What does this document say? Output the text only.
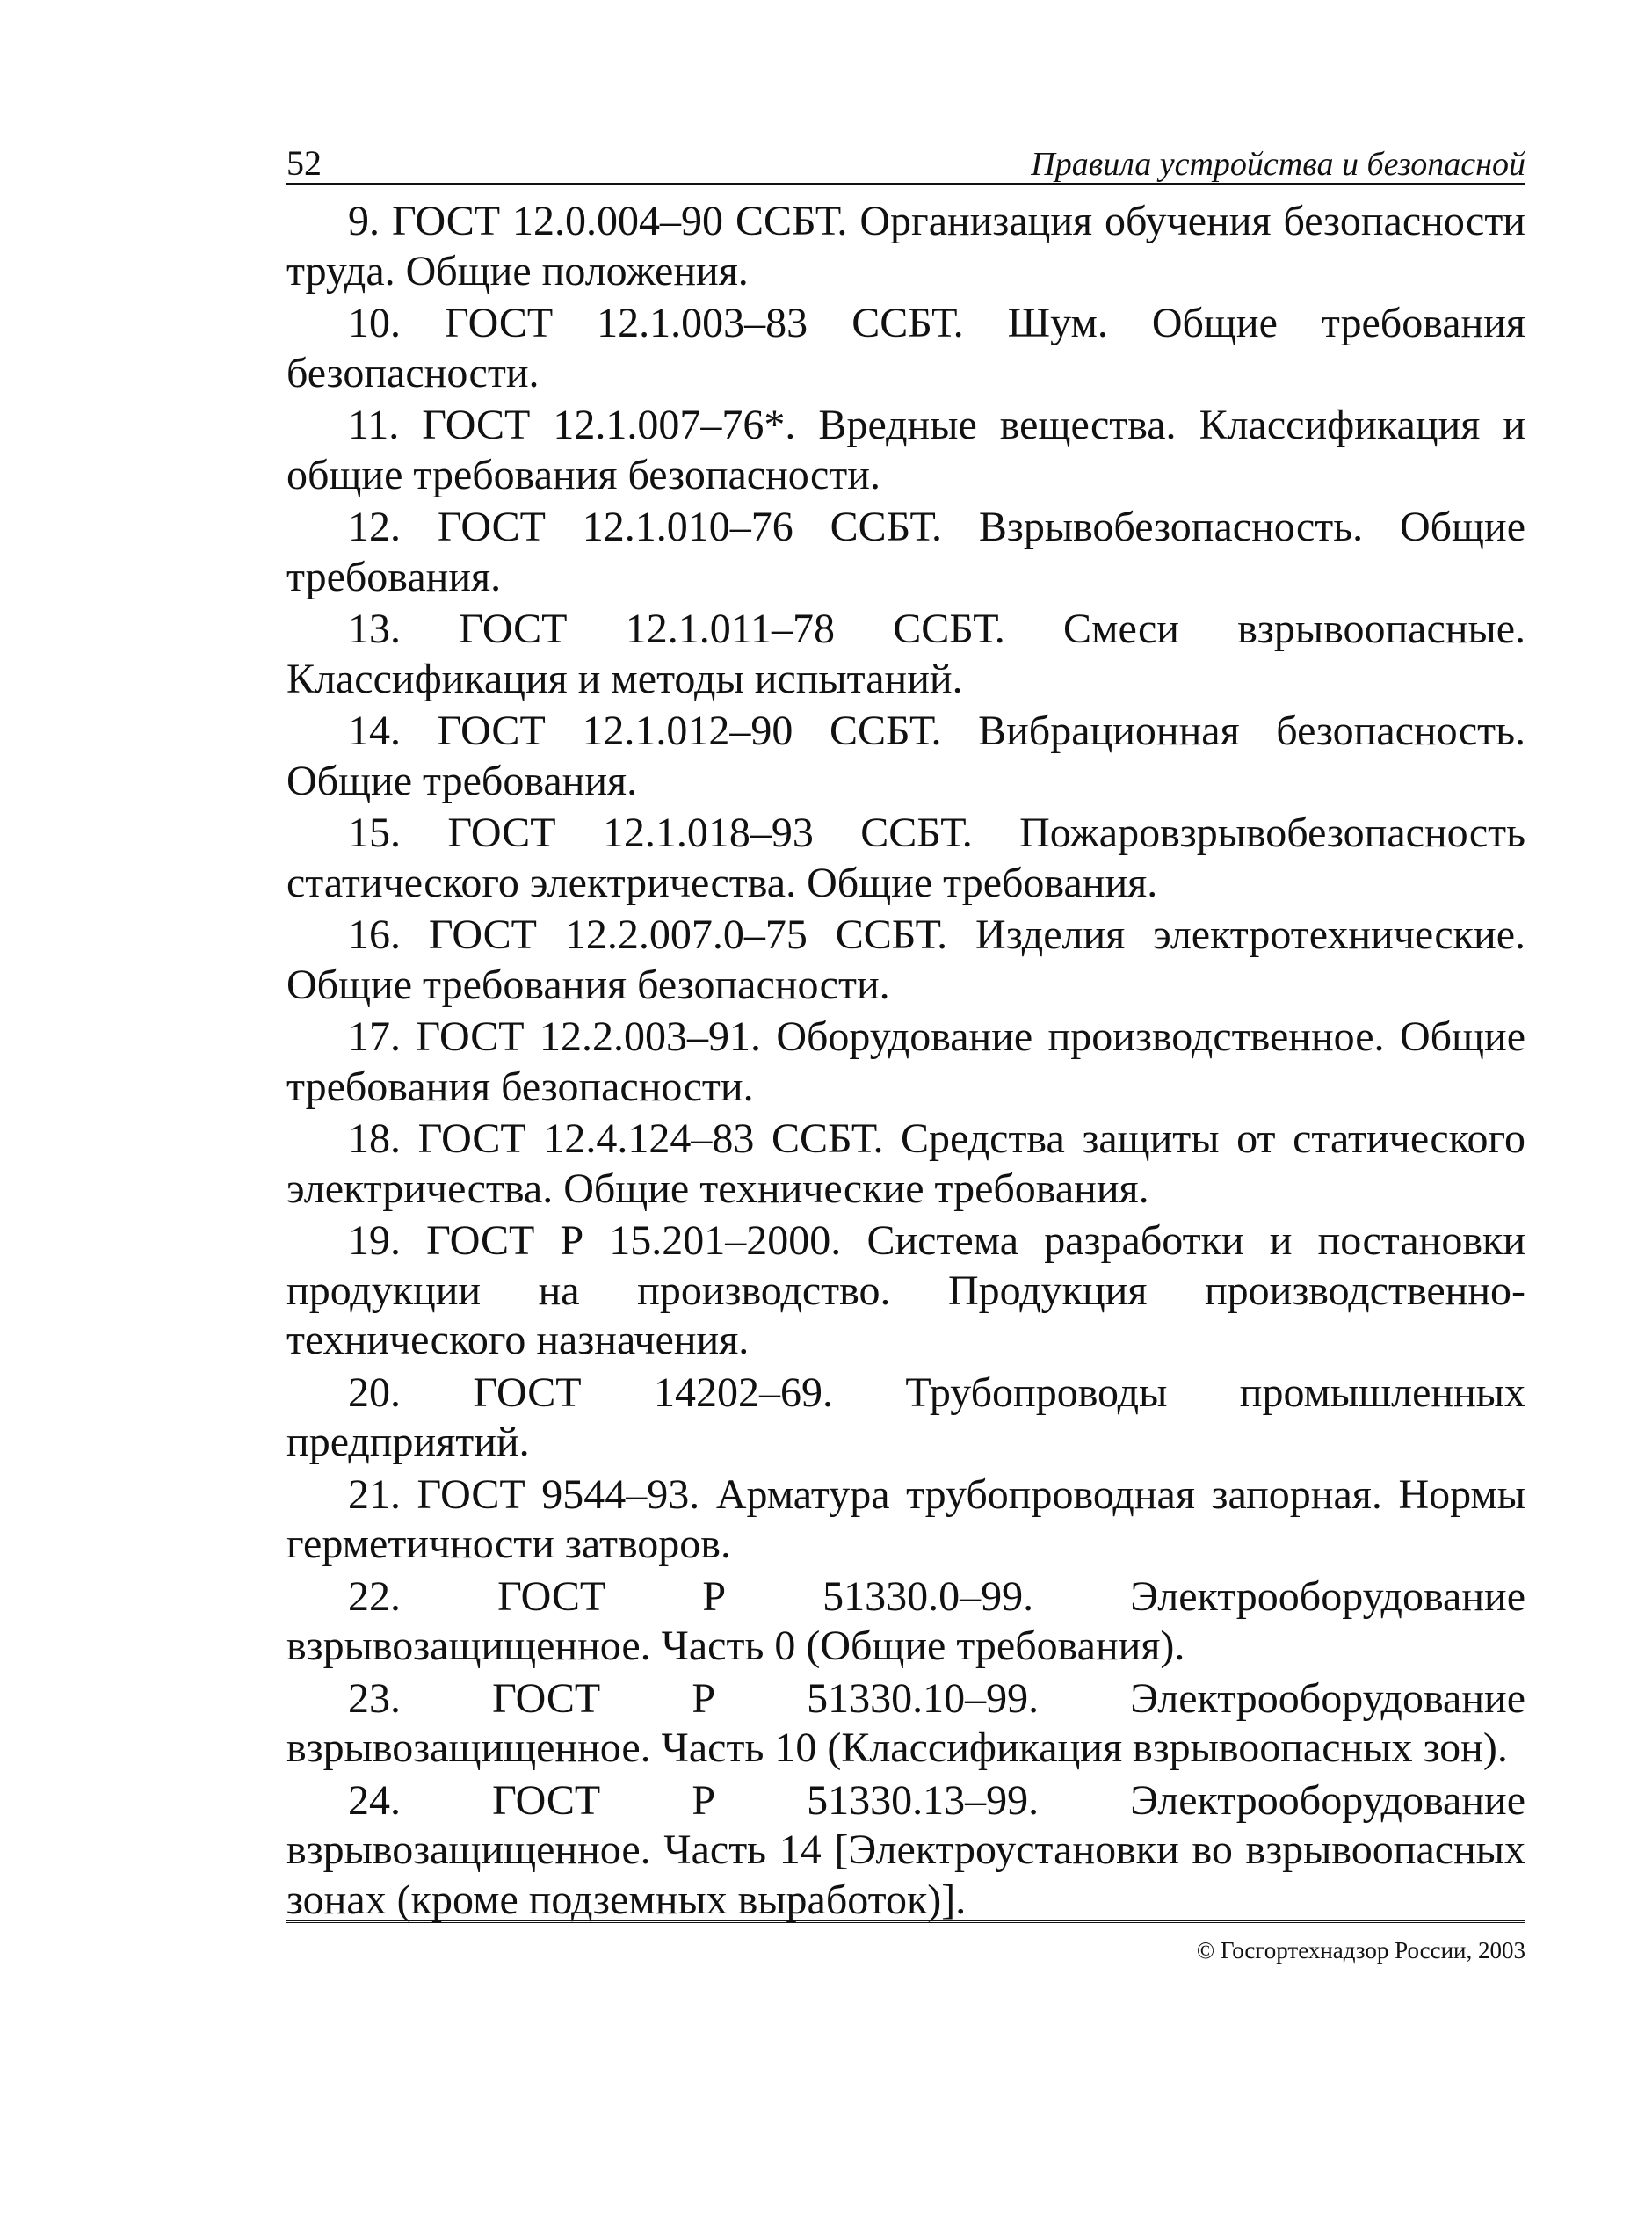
52	Правила устройства и безопасной
9. ГОСТ 12.0.004–90 ССБТ. Организация обучения безопасности труда. Общие положения.
10. ГОСТ 12.1.003–83 ССБТ. Шум. Общие требования безопасности.
11. ГОСТ 12.1.007–76*. Вредные вещества. Классификация и общие требования безопасности.
12. ГОСТ 12.1.010–76 ССБТ. Взрывобезопасность. Общие требования.
13. ГОСТ 12.1.011–78 ССБТ. Смеси взрывоопасные. Классификация и методы испытаний.
14. ГОСТ 12.1.012–90 ССБТ. Вибрационная безопасность. Общие требования.
15. ГОСТ 12.1.018–93 ССБТ. Пожаровзрывобезопасность статического электричества. Общие требования.
16. ГОСТ 12.2.007.0–75 ССБТ. Изделия электротехнические. Общие требования безопасности.
17. ГОСТ 12.2.003–91. Оборудование производственное. Общие требования безопасности.
18. ГОСТ 12.4.124–83 ССБТ. Средства защиты от статического электричества. Общие технические требования.
19. ГОСТ Р 15.201–2000. Система разработки и постановки продукции на производство. Продукция производственно-технического назначения.
20. ГОСТ 14202–69. Трубопроводы промышленных предприятий.
21. ГОСТ 9544–93. Арматура трубопроводная запорная. Нормы герметичности затворов.
22. ГОСТ Р 51330.0–99. Электрооборудование взрывозащищенное. Часть 0 (Общие требования).
23. ГОСТ Р 51330.10–99. Электрооборудование взрывозащищенное. Часть 10 (Классификация взрывоопасных зон).
24. ГОСТ Р 51330.13–99. Электрооборудование взрывозащищенное. Часть 14 [Электроустановки во взрывоопасных зонах (кроме подземных выработок)].
© Госгортехнадзор России, 2003
